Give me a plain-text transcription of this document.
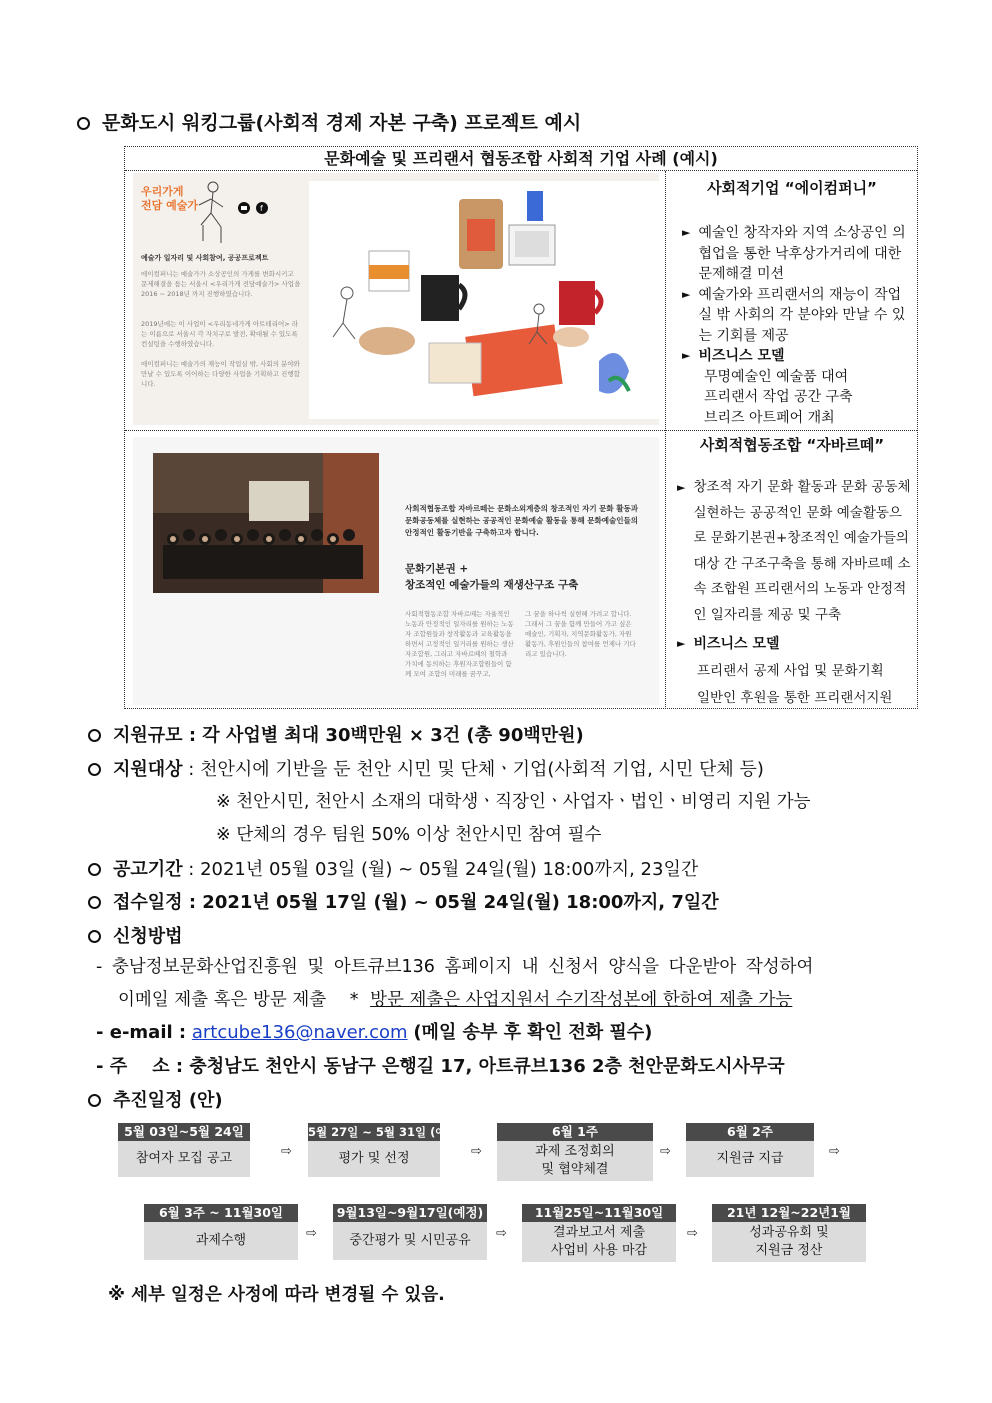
문화도시 워킹그룹(사회적 경제 자본 구축) 프로젝트 예시
문화예술 및 프리랜서 협동조합 사회적 기업 사례 (예시)
우리가게
전담 예술가	f
예술가 일자리 및 사회참여, 공공프로젝트
에이컴퍼니는 예술가가 소상공인의 가게를 변화시키고 문제해결을 돕는 서울시 <우리가게 전담예술가> 사업을 2016 ~ 2018년 까지 진행하였습니다.
2019년에는 이 사업이 <우리동네가게 아트테리어> 라는 이름으로 서울시 각 자치구로 발전, 확대될 수 있도록 컨설팅을 수행하였습니다.
에이컴퍼니는 예술가의 재능이 작업실 밖, 사회의 분야와 만날 수 있도록 이어하는 다양한 사업을 기획하고 진행합니다.
사회적기업 “에이컴퍼니”
► 예술인 창작자와 지역 소상공인 의 협업을 통한 낙후상가거리에 대한 문제해결 미션
► 예술가와 프리랜서의 재능이 작업실 밖 사회의 각 분야와 만날 수 있는 기회를 제공
► 비즈니스 모델
무명예술인 예술품 대여
프리랜서 작업 공간 구축
브리즈 아트페어 개최
사회적협동조합 자바르떼는 문화소외계층의 창조적인 자기 문화 활동과 문화공동체를 실현하는 공공적인 문화예술 활동을 통해 문화예술인들의 안정적인 활동기반을 구축하고자 합니다.
문화기본권 +
창조적인 예술가들의 재생산구조 구축
사회적협동조합 자바르떼는 자율적인 노동과 안정적인 일자리를 원하는 노동자 조합원들과 창작활동과 교육활동을 하면서 고정적인 일거리를 원하는 생산자조합원, 그리고 자바르떼의 철학과 가치에 동의하는 후원자조합원들이 함께 모여 조합의 미래를 꿈꾸고,
그 꿈을 하나씩 실현해 가려고 합니다.그래서 그 꿈을 함께 만들어 가고 싶은 예술인, 기획자, 지역문화활동가, 자원활동가, 후원인들의 참여를 언제나 기다리고 있습니다.
사회적협동조합 “자바르떼”
► 창조적 자기 문화 활동과 문화 공동체 실현하는 공공적인 문화 예술활동으로 문화기본권+창조적인 예술가들의 대상 간 구조구축을 통해 자바르떼 소속 조합원 프리랜서의 노동과 안정적인 일자리를 제공 및 구축
► 비즈니스 모델
프리랜서 공제 사업 및 문화기획
일반인 후원을 통한 프리랜서지원
지원규모 : 각 사업별 최대 30백만원 × 3건 (총 90백만원)
지원대상 : 천안시에 기반을 둔 천안 시민 및 단체ㆍ기업(사회적 기업, 시민 단체 등)
※ 천안시민, 천안시 소재의 대학생ㆍ직장인ㆍ사업자ㆍ법인ㆍ비영리 지원 가능
※ 단체의 경우 팀원 50% 이상 천안시민 참여 필수
공고기간 : 2021년 05월 03일 (월) ~ 05월 24일(월) 18:00까지, 23일간
접수일정 : 2021년 05월 17일 (월) ~ 05월 24일(월) 18:00까지, 7일간
신청방법
- 충남정보문화산업진흥원 및 아트큐브136 홈페이지 내 신청서 양식을 다운받아 작성하여
이메일 제출 혹은 방문 제출 * 방문 제출은 사업지원서 수기작성본에 한하여 제출 가능
- e-mail : artcube136@naver.com (메일 송부 후 확인 전화 필수)
- 주    소 : 충청남도 천안시 동남구 은행길 17, 아트큐브136 2층 천안문화도시사무국
추진일정 (안)
5월 03일~5월 24일
참여자 모집 공고	⇨
5월 27일 ~ 5월 31일 (예정)
평가 및 선정	⇨
6월 1주
과제 조정회의
및 협약체결
⇨
6월 2주
지원금 지급	⇨
6월 3주 ~ 11월30일
과제수행	⇨
9월13일~9월17일(예정)
중간평가 및 시민공유 ⇨
11월25일~11월30일
결과보고서 제출
사업비 사용 마감
⇨
21년 12월~22년1월
성과공유회 및
지원금 정산
※ 세부 일정은 사정에 따라 변경될 수 있음.
